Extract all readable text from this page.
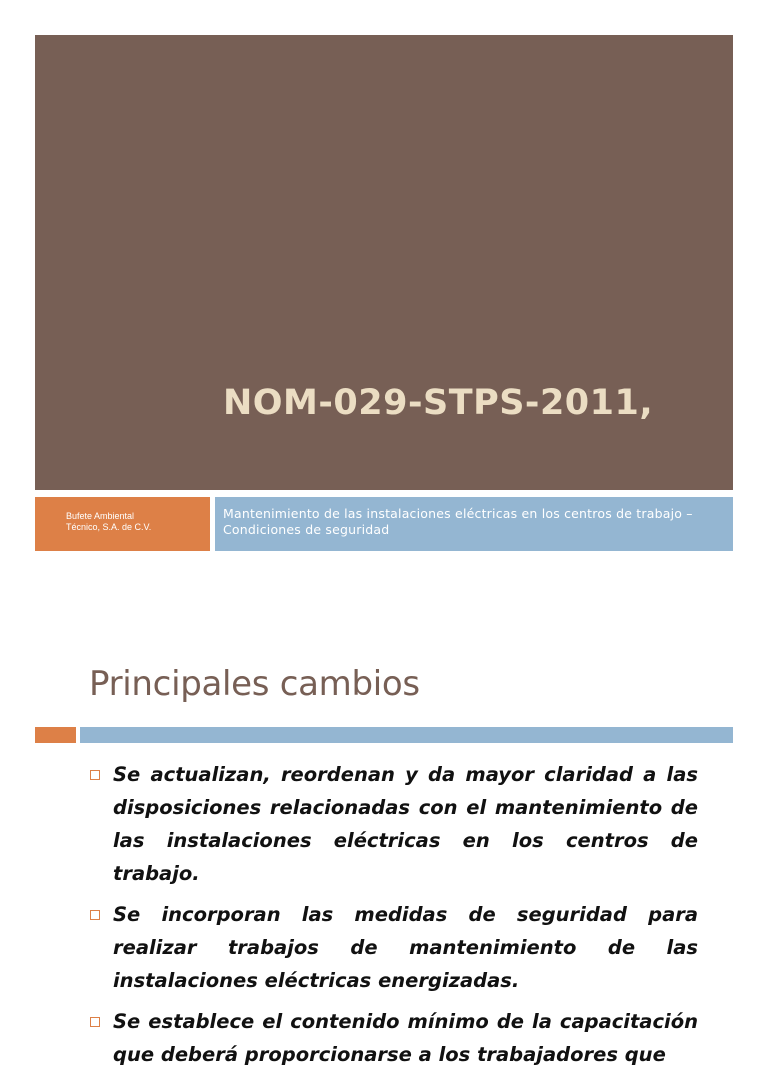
NOM-029-STPS-2011,
Bufete Ambiental
Técnico, S.A. de C.V.
Mantenimiento de las instalaciones eléctricas en los centros de trabajo – Condiciones de seguridad
Principales cambios
Se actualizan, reordenan y da mayor claridad a las disposiciones relacionadas con el mantenimiento de las instalaciones eléctricas en los centros de trabajo.
Se incorporan las medidas de seguridad para realizar trabajos de mantenimiento de las instalaciones eléctricas energizadas.
Se establece el contenido mínimo de la capacitación que deberá proporcionarse a los trabajadores que
